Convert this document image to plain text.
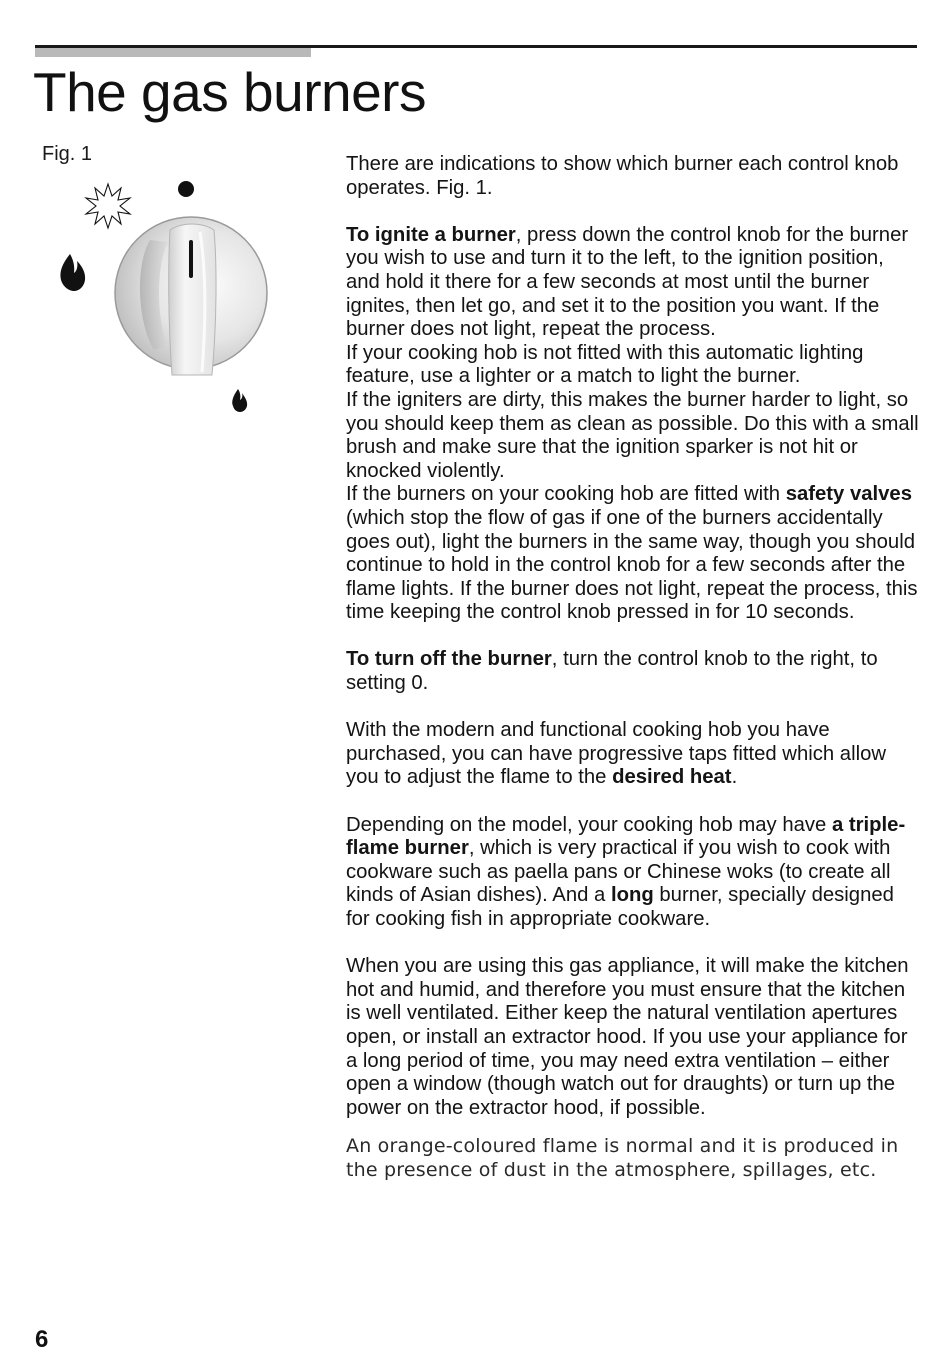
The gas burners
Fig. 1	There are indications to show which burner each control knob operates. Fig. 1.

To ignite a burner, press down the control knob for the burner you wish to use and turn it to the left, to the ignition position, and hold it there for a few seconds at most until the burner ignites, then let go, and set it to the position you want. If the burner does not light, repeat the process.

If your cooking hob is not fitted with this automatic lighting feature, use a lighter or a match to light the burner.

If the igniters are dirty, this makes the burner harder to light, so you should keep them as clean as possible. Do this with a small brush and make sure that the ignition sparker is not hit or knocked violently.

If the burners on your cooking hob are fitted with safety valves (which stop the flow of gas if one of the burners accidentally goes out), light the burners in the same way, though you should continue to hold in the control knob for a few seconds after the flame lights. If the burner does not light, repeat the process, this time keeping the control knob pressed in for 10 seconds.

To turn off the burner, turn the control knob to the right, to setting 0.

With the modern and functional cooking hob you have purchased, you can have progressive taps fitted which allow you to adjust the flame to the desired heat.

Depending on the model, your cooking hob may have a triple-flame burner, which is very practical if you wish to cook with cookware such as paella pans or Chinese woks (to create all kinds of Asian dishes). And a long burner, specially designed for cooking fish in appropriate cookware.

When you are using this gas appliance, it will make the kitchen hot and humid, and therefore you must ensure that the kitchen is well ventilated. Either keep the natural ventilation apertures open, or install an extractor hood. If you use your appliance for a long period of time, you may need extra ventilation – either open a window (though watch out for draughts) or turn up the power on the extractor hood, if possible.

An orange-coloured flame is normal and it is produced in the presence of dust in the atmosphere, spillages, etc.

6
